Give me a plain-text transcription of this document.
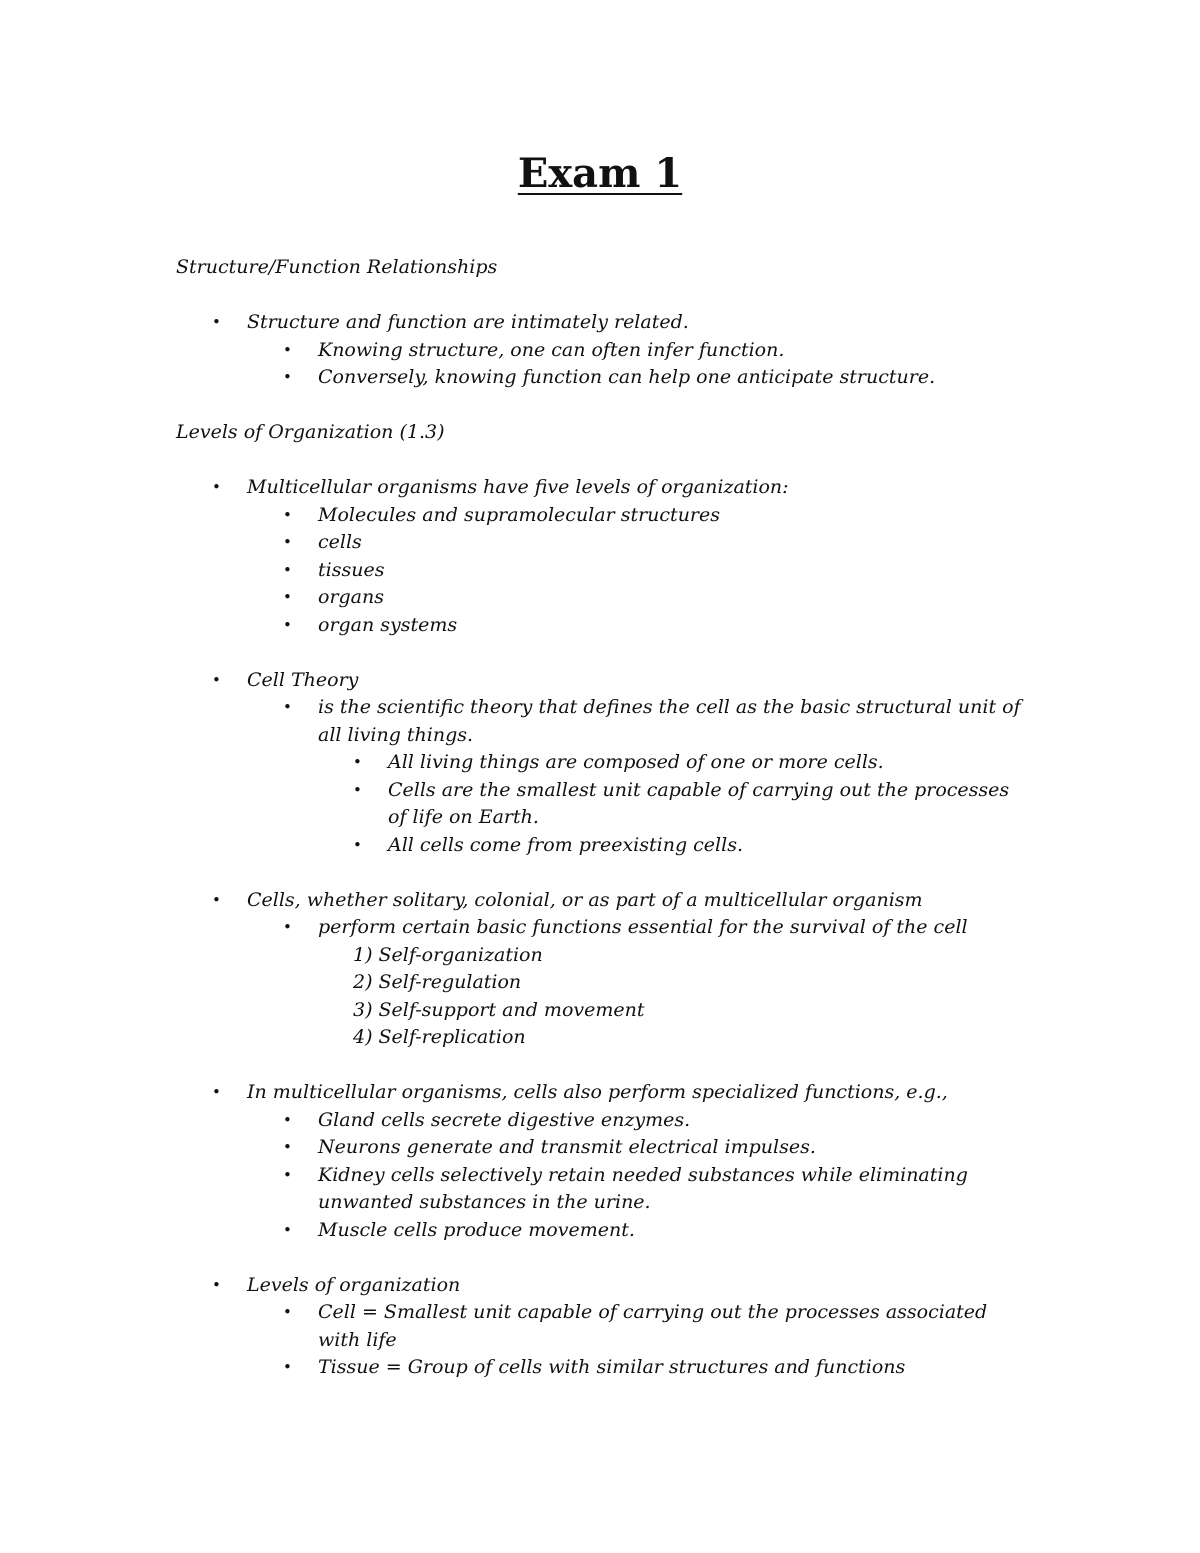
Exam 1
Structure/Function Relationships
• Structure and function are intimately related.
• Knowing structure, one can often infer function.
• Conversely, knowing function can help one anticipate structure.
Levels of Organization (1.3)
• Multicellular organisms have five levels of organization:
• Molecules and supramolecular structures
• cells
• tissues
• organs
• organ systems
• Cell Theory
• is the scientific theory that defines the cell as the basic structural unit of
all living things.
• All living things are composed of one or more cells.
• Cells are the smallest unit capable of carrying out the processes
of life on Earth.
• All cells come from preexisting cells.
• Cells, whether solitary, colonial, or as part of a multicellular organism
• perform certain basic functions essential for the survival of the cell
1) Self-organization
2) Self-regulation
3) Self-support and movement
4) Self-replication
• In multicellular organisms, cells also perform specialized functions, e.g.,
• Gland cells secrete digestive enzymes.
• Neurons generate and transmit electrical impulses.
• Kidney cells selectively retain needed substances while eliminating
unwanted substances in the urine.
• Muscle cells produce movement.
• Levels of organization
• Cell = Smallest unit capable of carrying out the processes associated
with life
• Tissue = Group of cells with similar structures and functions
